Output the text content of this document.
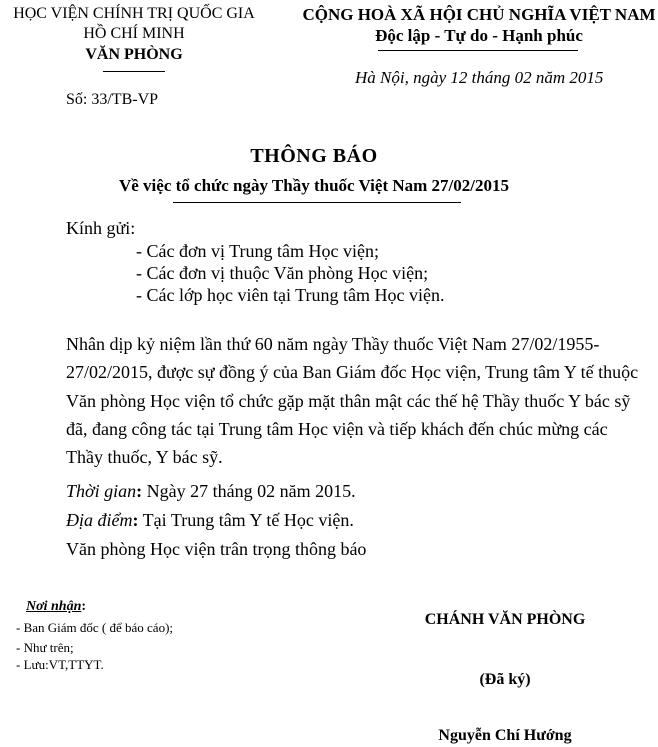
HỌC VIỆN CHÍNH TRỊ QUỐC GIA
HỒ CHÍ MINH
VĂN PHÒNG
Số: 33/TB-VP
CỘNG HOÀ XÃ HỘI CHỦ NGHĨA VIỆT NAM
Độc lập - Tự do - Hạnh phúc
Hà Nội, ngày 12 tháng 02 năm 2015
THÔNG BÁO
Về việc tổ chức ngày Thầy thuốc Việt Nam 27/02/2015
Kính gửi:
- Các đơn vị Trung tâm Học viện;
- Các đơn vị thuộc Văn phòng Học viện;
- Các lớp học viên tại Trung tâm Học viện.
Nhân dịp kỷ niệm lần thứ 60 năm ngày Thầy thuốc Việt Nam 27/02/1955-
27/02/2015, được sự đồng ý của Ban Giám đốc Học viện, Trung tâm Y tế thuộc
Văn phòng Học viện tổ chức gặp mặt thân mật các thế hệ Thầy thuốc Y bác sỹ
đã, đang công tác tại Trung tâm Học viện và tiếp khách đến chúc mừng các
Thầy thuốc, Y bác sỹ.
Thời gian: Ngày 27 tháng 02 năm 2015.
Địa điểm: Tại Trung tâm Y tế Học viện.
Văn phòng Học viện trân trọng thông báo
Nơi nhận:
- Ban Giám đốc ( để báo cáo);
- Như trên;
- Lưu:VT,TTYT.
CHÁNH VĂN PHÒNG
(Đã ký)
Nguyễn Chí Hướng
